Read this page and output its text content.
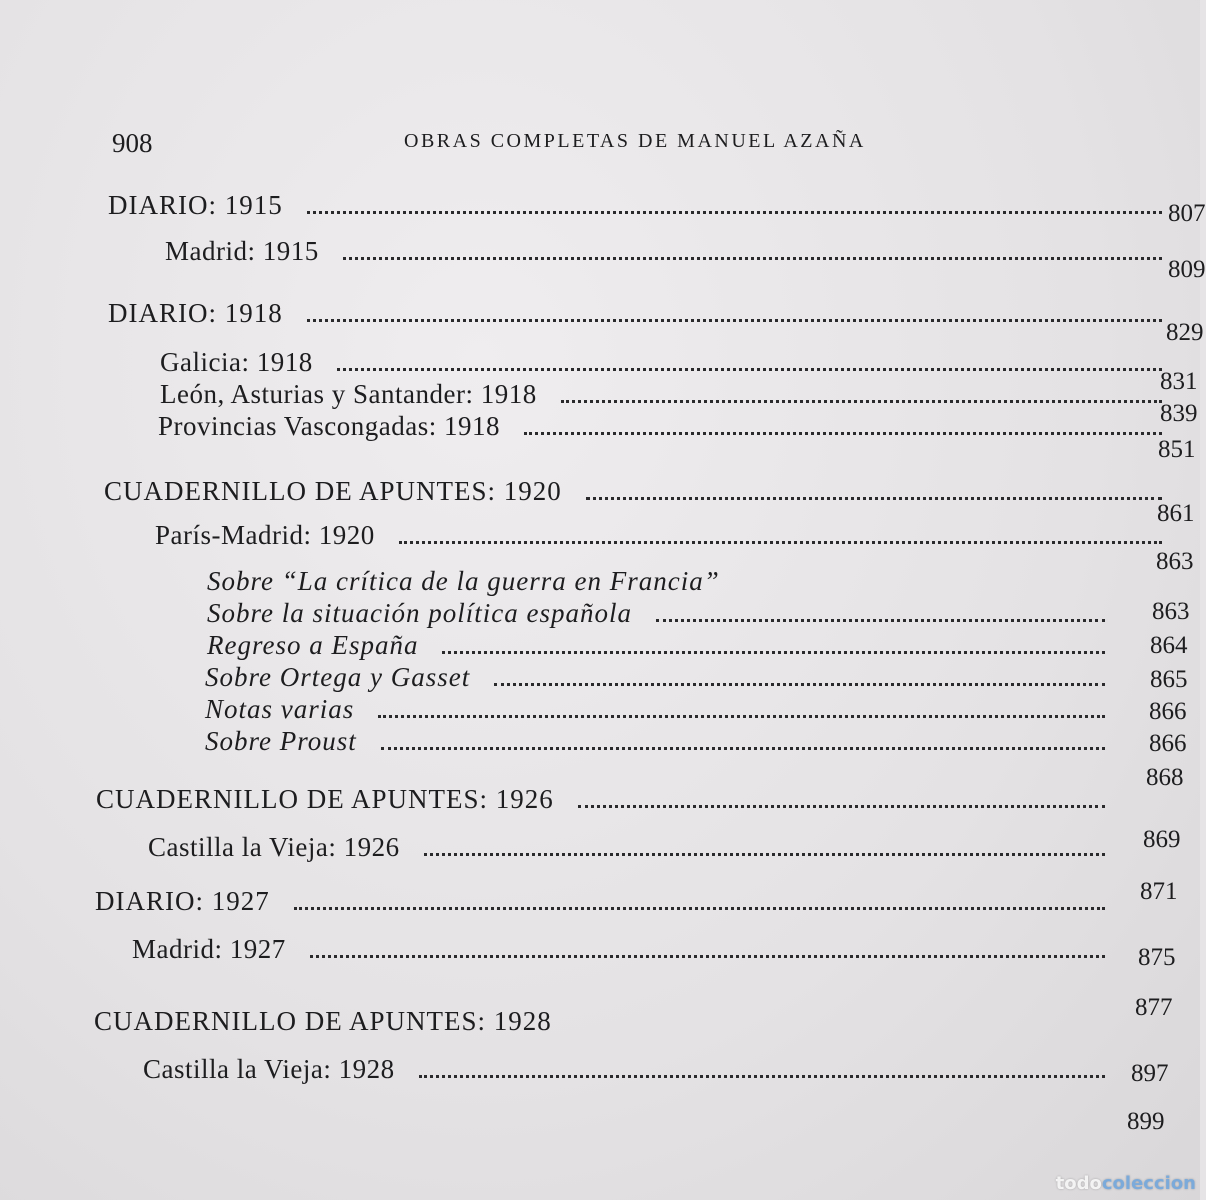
908	OBRAS COMPLETAS DE MANUEL AZAÑA
DIARIO: 1915
Madrid: 1915
DIARIO: 1918
Galicia: 1918
León, Asturias y Santander: 1918
Provincias Vascongadas: 1918
CUADERNILLO DE APUNTES: 1920
París-Madrid: 1920
Sobre “La crítica de la guerra en Francia”
Sobre la situación política española
Regreso a España
Sobre Ortega y Gasset
Notas varias
Sobre Proust
CUADERNILLO DE APUNTES: 1926
Castilla la Vieja: 1926
DIARIO: 1927
Madrid: 1927
CUADERNILLO DE APUNTES: 1928
Castilla la Vieja: 1928
807
809
829
831
839
851
861
863
863
864
865
866
866
868
869
871
875
877
897
899
todocoleccion
